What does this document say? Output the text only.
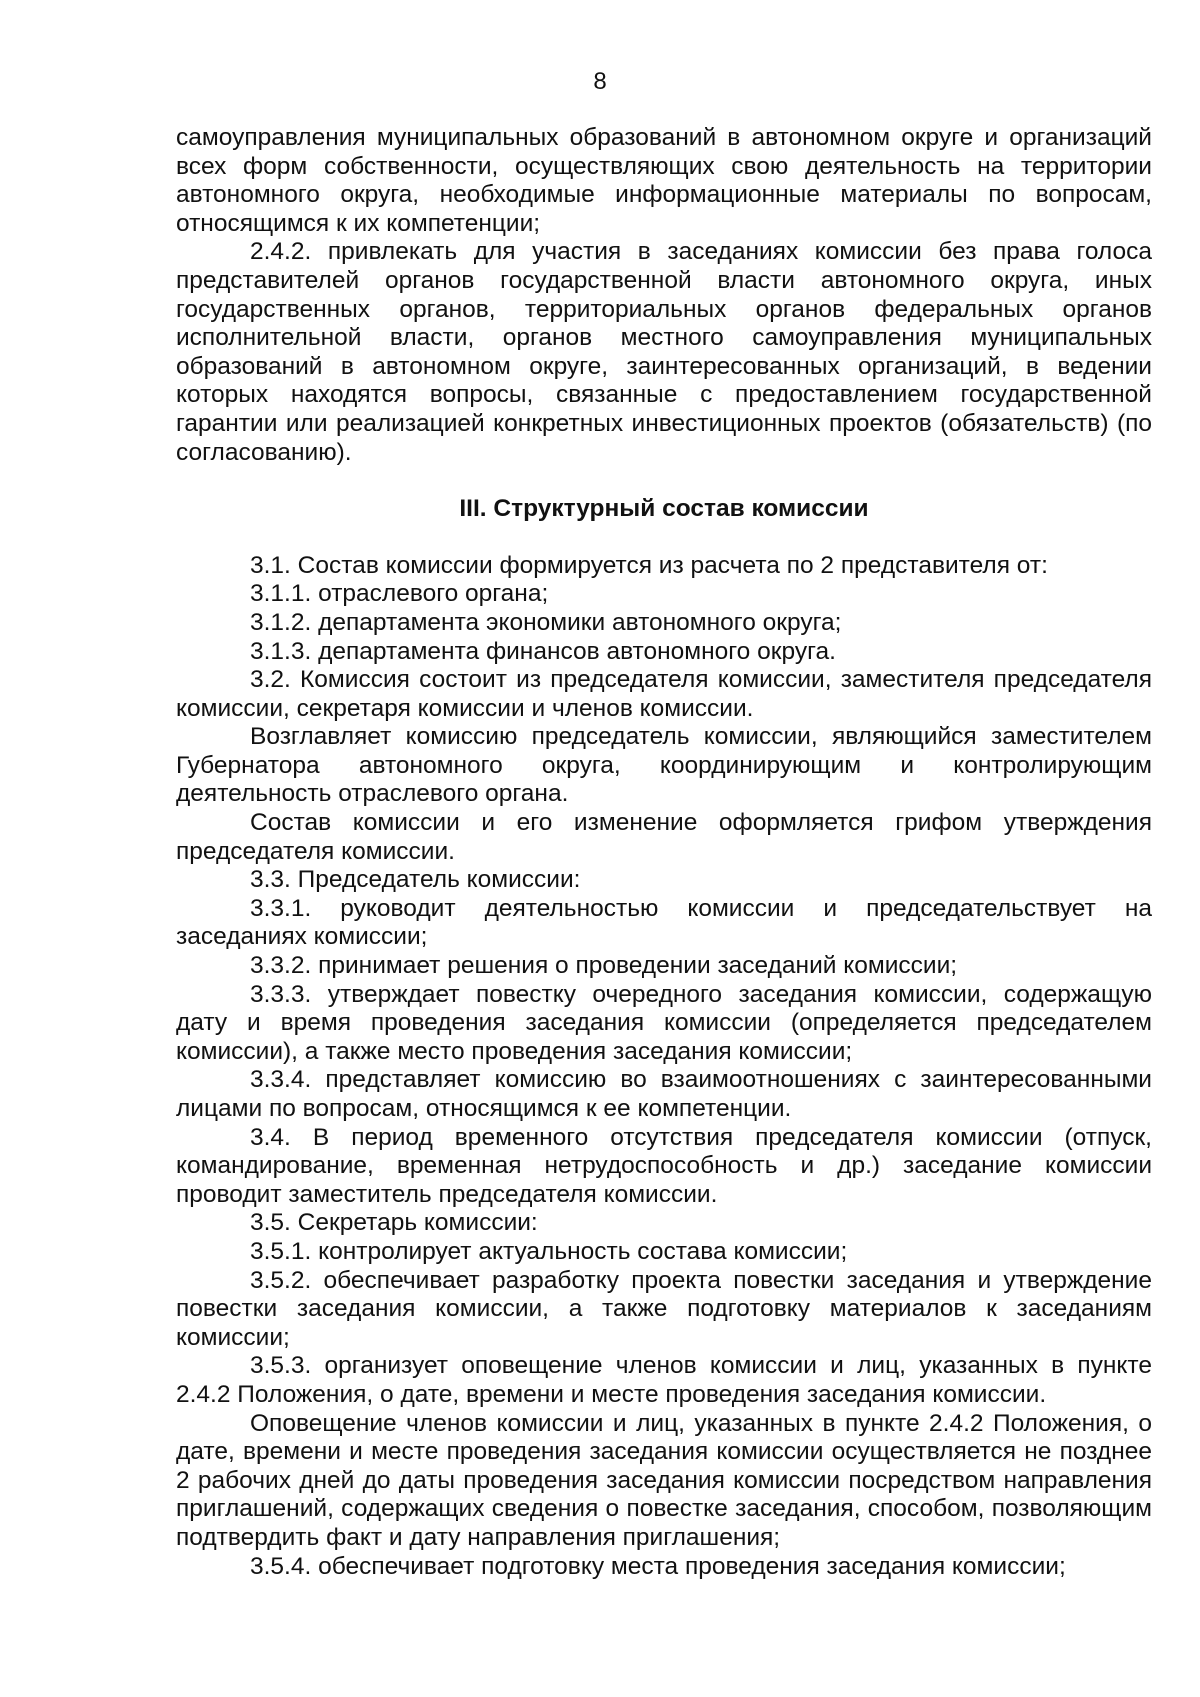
8

самоуправления муниципальных образований в автономном округе и организаций всех форм собственности, осуществляющих свою деятельность на территории автономного округа, необходимые информационные материалы по вопросам, относящимся к их компетенции;

2.4.2. привлекать для участия в заседаниях комиссии без права голоса представителей органов государственной власти автономного округа, иных государственных органов, территориальных органов федеральных органов исполнительной власти, органов местного самоуправления муниципальных образований в автономном округе, заинтересованных организаций, в ведении которых находятся вопросы, связанные с предоставлением государственной гарантии или реализацией конкретных инвестиционных проектов (обязательств) (по согласованию).

III. Структурный состав комиссии

3.1. Состав комиссии формируется из расчета по 2 представителя от:

3.1.1. отраслевого органа;

3.1.2. департамента экономики автономного округа;

3.1.3. департамента финансов автономного округа.

3.2. Комиссия состоит из председателя комиссии, заместителя председателя комиссии, секретаря комиссии и членов комиссии.

Возглавляет комиссию председатель комиссии, являющийся заместителем Губернатора автономного округа, координирующим и контролирующим деятельность отраслевого органа.

Состав комиссии и его изменение оформляется грифом утверждения председателя комиссии.

3.3. Председатель комиссии:

3.3.1. руководит деятельностью комиссии и председательствует на заседаниях комиссии;

3.3.2. принимает решения о проведении заседаний комиссии;

3.3.3. утверждает повестку очередного заседания комиссии, содержащую дату и время проведения заседания комиссии (определяется председателем комиссии), а также место проведения заседания комиссии;

3.3.4. представляет комиссию во взаимоотношениях с заинтересованными лицами по вопросам, относящимся к ее компетенции.

3.4. В период временного отсутствия председателя комиссии (отпуск, командирование, временная нетрудоспособность и др.) заседание комиссии проводит заместитель председателя комиссии.

3.5. Секретарь комиссии:

3.5.1. контролирует актуальность состава комиссии;

3.5.2. обеспечивает разработку проекта повестки заседания и утверждение повестки заседания комиссии, а также подготовку материалов к заседаниям комиссии;

3.5.3. организует оповещение членов комиссии и лиц, указанных в пункте 2.4.2 Положения, о дате, времени и месте проведения заседания комиссии.

Оповещение членов комиссии и лиц, указанных в пункте 2.4.2 Положения, о дате, времени и месте проведения заседания комиссии осуществляется не позднее 2 рабочих дней до даты проведения заседания комиссии посредством направления приглашений, содержащих сведения о повестке заседания, способом, позволяющим подтвердить факт и дату направления приглашения;

3.5.4. обеспечивает подготовку места проведения заседания комиссии;
